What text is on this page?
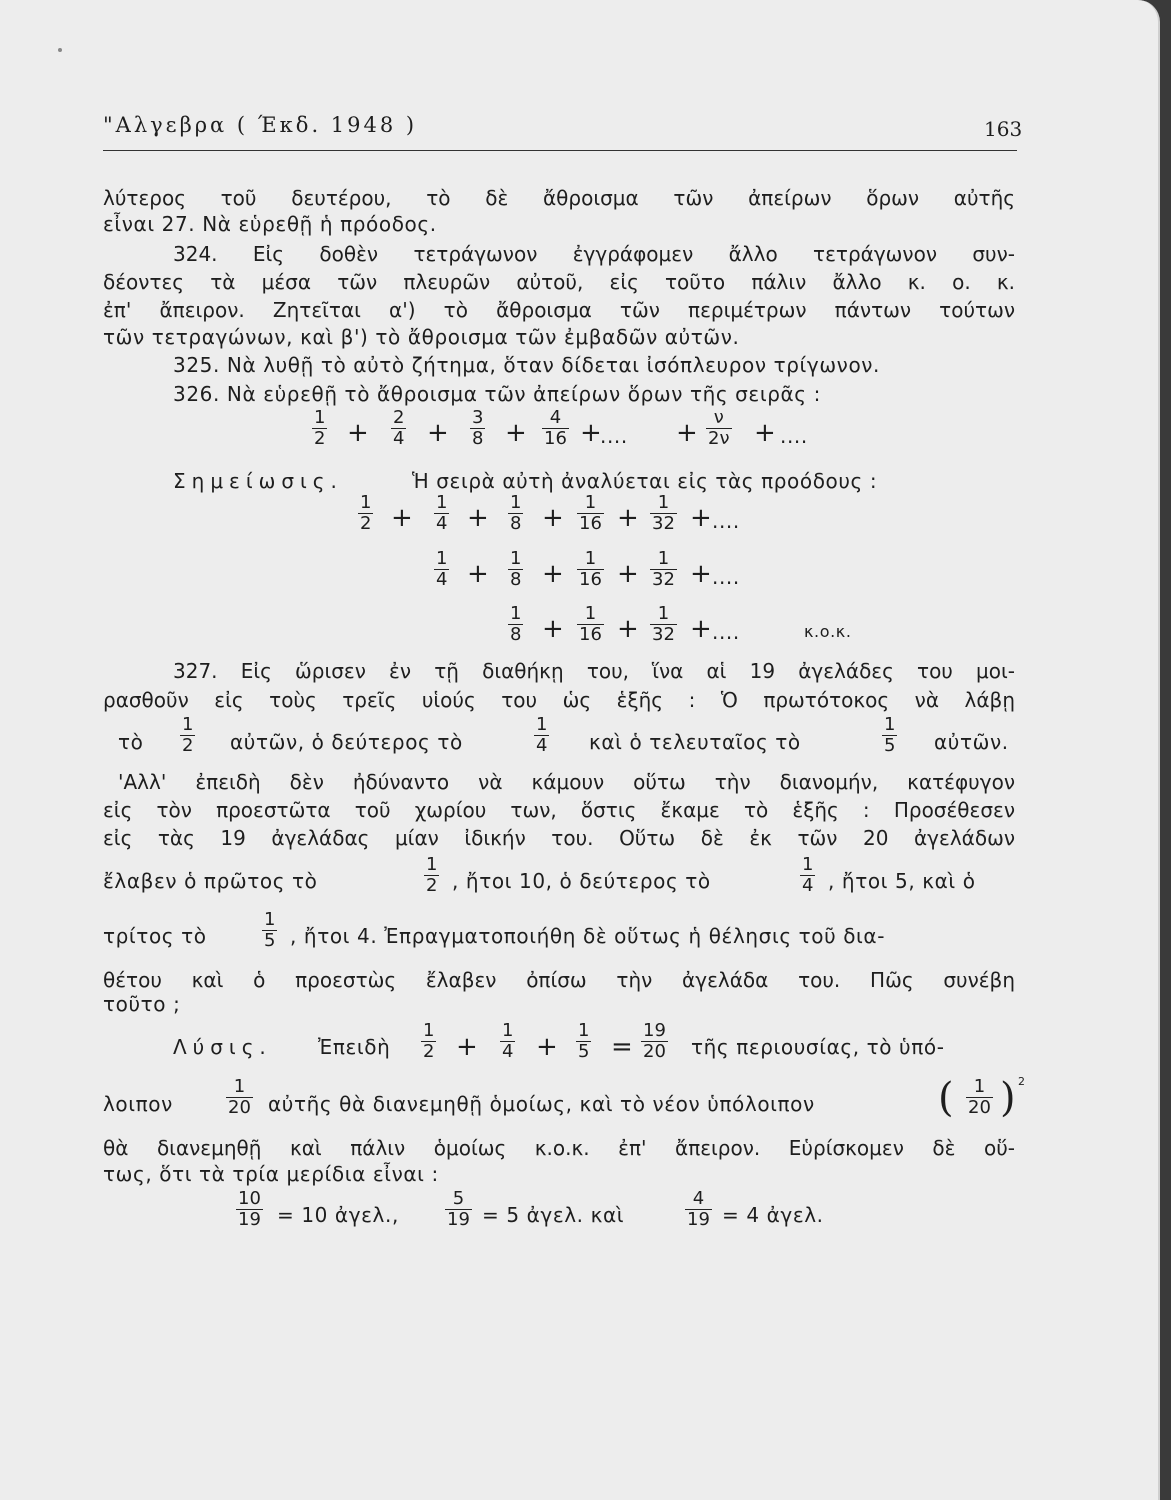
"Αλγεβρα ( Έκδ. 1948 )	163
λύτερος τοῦ δευτέρου, τὸ δὲ ἄθροισμα τῶν ἀπείρων ὅρων αὐτῆς
εἶναι 27. Νὰ εὑρεθῇ ἡ πρόοδος.
324. Εἰς δοθὲν τετράγωνον ἐγγράφομεν ἄλλο τετράγωνον συν-
δέοντες τὰ μέσα τῶν πλευρῶν αὐτοῦ, εἰς τοῦτο πάλιν ἄλλο κ. ο. κ.
ἐπ' ἄπειρον. Ζητεῖται α') τὸ ἄθροισμα τῶν περιμέτρων πάντων τούτων
τῶν τετραγώνων, καὶ β') τὸ ἄθροισμα τῶν ἐμβαδῶν αὐτῶν.
325. Νὰ λυθῇ τὸ αὐτὸ ζήτημα, ὅταν δίδεται ἰσόπλευρον τρίγωνον.
326. Νὰ εὑρεθῇ τὸ ἄθροισμα τῶν ἀπείρων ὅρων τῆς σειρᾶς :
1
2 +
2
4 +
3
8 +
4
16 +
.... +
ν
2ν + ....
Σημείωσις.	Ἡ σειρὰ αὐτὴ ἀναλύεται εἰς τὰς προόδους :
1
2 +
1
4 +
1
8 +
1
16 +
1
32 + ....
1
4 +
1
8 +
1
16 +
1
32 + ....
1
8 +
1
16 +
1
32 + ....	κ.ο.κ.
327. Εἰς ὥρισεν ἐν τῇ διαθήκῃ του, ἵνα αἱ 19 ἀγελάδες του μοι-
ρασθοῦν εἰς τοὺς τρεῖς υἱούς του ὡς ἑξῆς : Ὁ πρωτότοκος νὰ λάβῃ
τὸ
1
2 αὐτῶν, ὁ δεύτερος τὸ
1
4 καὶ ὁ τελευταῖος τὸ
1
5 αὐτῶν.
'Αλλ' ἐπειδὴ δὲν ἠδύναντο νὰ κάμουν οὕτω τὴν διανομήν, κατέφυγον
εἰς τὸν προεστῶτα τοῦ χωρίου των, ὅστις ἔκαμε τὸ ἑξῆς : Προσέθεσεν
εἰς τὰς 19 ἀγελάδας μίαν ἰδικήν του. Οὕτω δὲ ἐκ τῶν 20 ἀγελάδων
ἔλαβεν ὁ πρῶτος τὸ
1
2 , ἤτοι 10, ὁ δεύτερος τὸ
1
4 , ἤτοι 5, καὶ ὁ
τρίτος τὸ
1
5 , ἤτοι 4. Ἐπραγματοποιήθη δὲ οὕτως ἡ θέλησις τοῦ δια-
θέτου καὶ ὁ προεστὼς ἔλαβεν ὀπίσω τὴν ἀγελάδα του. Πῶς συνέβη
τοῦτο ;
Λύσις. Ἐπειδὴ
1
2 +
1
4 +
1
5 =
19
20 τῆς περιουσίας, τὸ ὑπό-
λοιπον
1
20 αὐτῆς θὰ διανεμηθῇ ὁμοίως, καὶ τὸ νέον ὑπόλοιπον	( 1
20 ) 2
θὰ διανεμηθῇ καὶ πάλιν ὁμοίως κ.ο.κ. ἐπ' ἄπειρον. Εὑρίσκομεν δὲ οὕ-
τως, ὅτι τὰ τρία μερίδια εἶναι :
10
19 = 10 ἀγελ.,
5
19 = 5 ἀγελ. καὶ
4
19 = 4 ἀγελ.
